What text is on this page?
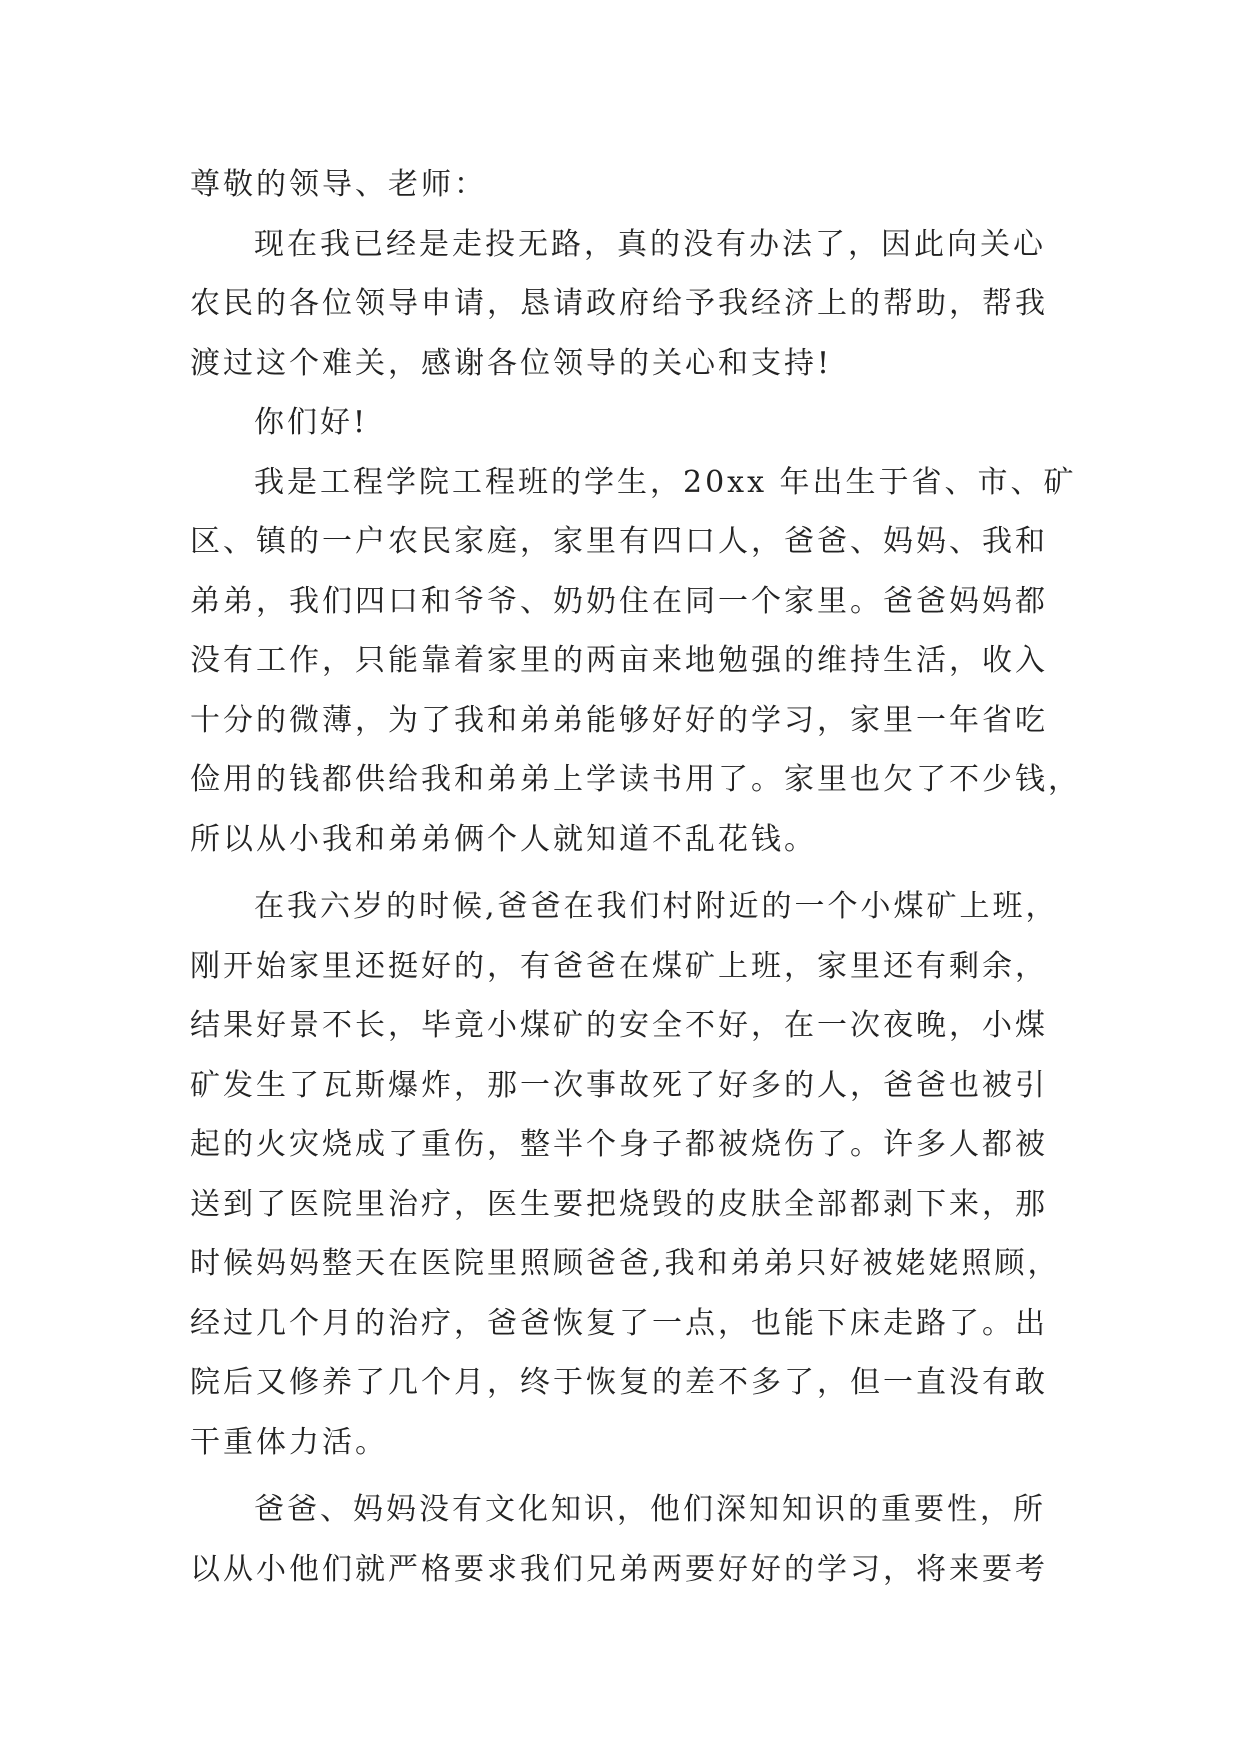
尊敬的领导、老师：
现在我已经是走投无路，真的没有办法了，因此向关心
农民的各位领导申请，恳请政府给予我经济上的帮助，帮我
渡过这个难关，感谢各位领导的关心和支持!
你们好!
我是工程学院工程班的学生，20xx 年出生于省、市、矿
区、镇的一户农民家庭，家里有四口人，爸爸、妈妈、我和
弟弟，我们四口和爷爷、奶奶住在同一个家里。爸爸妈妈都
没有工作，只能靠着家里的两亩来地勉强的维持生活，收入
十分的微薄，为了我和弟弟能够好好的学习，家里一年省吃
俭用的钱都供给我和弟弟上学读书用了。家里也欠了不少钱，
所以从小我和弟弟俩个人就知道不乱花钱。
在我六岁的时候,爸爸在我们村附近的一个小煤矿上班，
刚开始家里还挺好的，有爸爸在煤矿上班，家里还有剩余，
结果好景不长，毕竟小煤矿的安全不好，在一次夜晚，小煤
矿发生了瓦斯爆炸，那一次事故死了好多的人，爸爸也被引
起的火灾烧成了重伤，整半个身子都被烧伤了。许多人都被
送到了医院里治疗，医生要把烧毁的皮肤全部都剥下来，那
时候妈妈整天在医院里照顾爸爸,我和弟弟只好被姥姥照顾，
经过几个月的治疗，爸爸恢复了一点，也能下床走路了。出
院后又修养了几个月，终于恢复的差不多了，但一直没有敢
干重体力活。
爸爸、妈妈没有文化知识，他们深知知识的重要性，所
以从小他们就严格要求我们兄弟两要好好的学习，将来要考
